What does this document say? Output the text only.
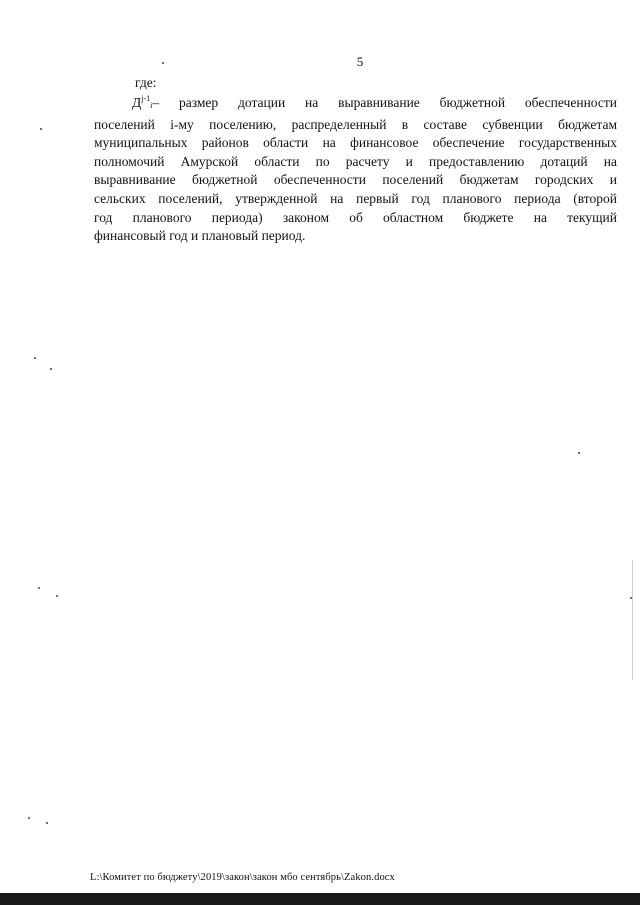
5
где:
$Д^{j-1}_i-$ размер дотации на выравнивание бюджетной обеспеченности
поселений i-му поселению, распределенный в составе субвенции бюджетам
муниципальных районов области на финансовое обеспечение государственных
полномочий Амурской области по расчету и предоставлению дотаций на
выравнивание бюджетной обеспеченности поселений бюджетам городских и
сельских поселений, утвержденной на первый год планового периода (второй
год планового периода) законом об областном бюджете на текущий
финансовый год и плановый период.
L:\Комитет по бюджету\2019\закон\закон мбо сентябрь\Zakon.docx
